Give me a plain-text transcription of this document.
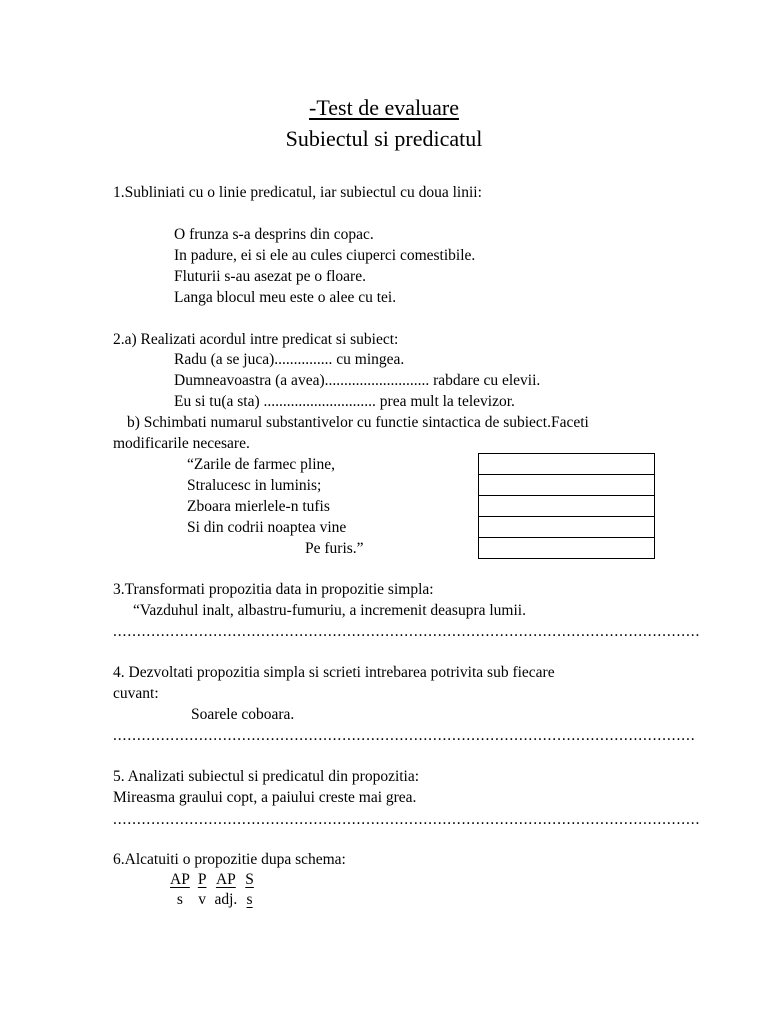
-Test de evaluare
Subiectul si predicatul
1.Subliniati cu o linie predicatul, iar subiectul cu doua linii:
O frunza s-a desprins din copac.
In padure, ei si ele au cules ciuperci comestibile.
Fluturii s-au asezat pe o floare.
Langa blocul meu este o alee cu tei.
2.a) Realizati acordul intre predicat si subiect:
Radu (a se juca)............... cu mingea.
Dumneavoastra (a avea)........................... rabdare cu elevii.
Eu si tu(a sta) ............................. prea mult la televizor.
b) Schimbati numarul substantivelor cu functie sintactica de subiect.Faceti
modificarile necesare.
“Zarile de farmec pline,
Stralucesc in luminis;
Zboara mierlele-n tufis
Si din codrii noaptea vine
Pe furis.”

3.Transformati propozitia data in propozitie simpla:
“Vazduhul inalt, albastru-fumuriu, a incremenit deasupra lumii.
...........................................................................................................................
4. Dezvoltati propozitia simpla si scrieti intrebarea potrivita sub fiecare
cuvant:
Soarele coboara.
..........................................................................................................................
5. Analizati subiectul si predicatul din propozitia:
Mireasma graului copt, a paiului creste mai grea.
...........................................................................................................................
6.Alcatuiti o propozitie dupa schema:
AP	P	AP	S
s	v	adj.	s
